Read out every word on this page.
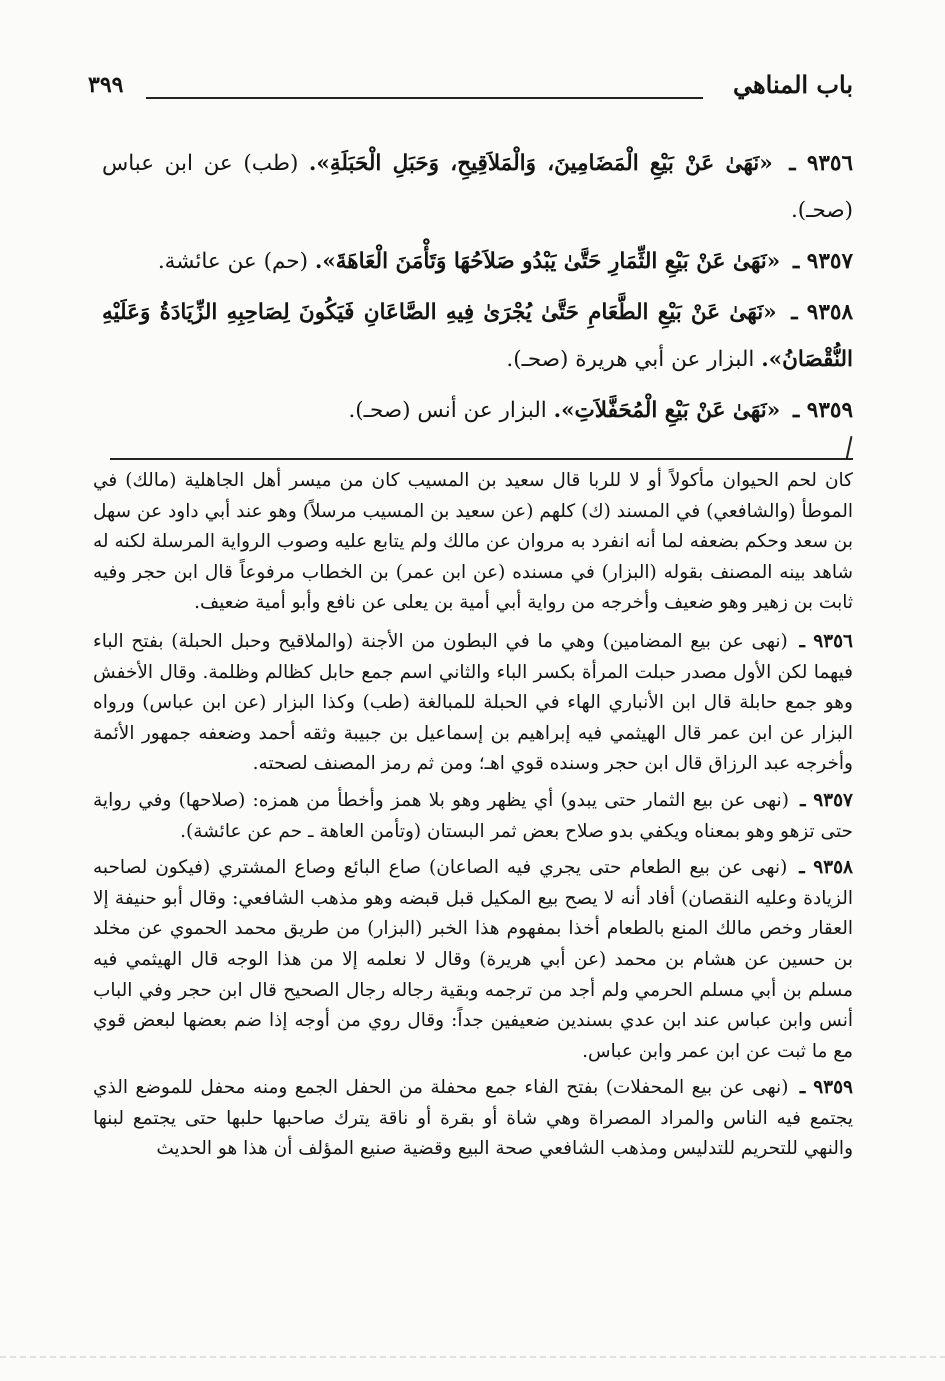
باب المناهي
٣٩٩

٩٣٥٦ ـ «نَهَىٰ عَنْ بَيْعِ الْمَضَامِينَ، وَالْمَلاَقِيحِ، وَحَبَلِ الْحَبَلَةِ». (طب) عن ابن عباس (صحـ).

٩٣٥٧ ـ «نَهَىٰ عَنْ بَيْعِ الثِّمَارِ حَتَّىٰ يَبْدُو صَلاَحُهَا وَتَأْمَنَ الْعَاهَةَ». (حم) عن عائشة.

٩٣٥٨ ـ «نَهَىٰ عَنْ بَيْعِ الطَّعَامِ حَتَّىٰ يُجْرَىٰ فِيهِ الصَّاعَانِ فَيَكُونَ لِصَاحِبِهِ الزِّيَادَةُ وَعَلَيْهِ النُّقْصَانُ». البزار عن أبي هريرة (صحـ).

٩٣٥٩ ـ «نَهَىٰ عَنْ بَيْعِ الْمُحَفَّلاَتِ». البزار عن أنس (صحـ).

كان لحم الحيوان مأكولاً أو لا للربا قال سعيد بن المسيب كان من ميسر أهل الجاهلية (مالك) في الموطأ (والشافعي) في المسند (ك) كلهم (عن سعيد بن المسيب مرسلاً) وهو عند أبي داود عن سهل بن سعد وحكم بضعفه لما أنه انفرد به مروان عن مالك ولم يتابع عليه وصوب الرواية المرسلة لكنه له شاهد بينه المصنف بقوله (البزار) في مسنده (عن ابن عمر) بن الخطاب مرفوعاً قال ابن حجر وفيه ثابت بن زهير وهو ضعيف وأخرجه من رواية أبي أمية بن يعلى عن نافع وأبو أمية ضعيف.

٩٣٥٦ ـ (نهى عن بيع المضامين) وهي ما في البطون من الأجنة (والملاقيح وحبل الحبلة) بفتح الباء فيهما لكن الأول مصدر حبلت المرأة بكسر الباء والثاني اسم جمع حابل كظالم وظلمة. وقال الأخفش وهو جمع حابلة قال ابن الأنباري الهاء في الحبلة للمبالغة (طب) وكذا البزار (عن ابن عباس) ورواه البزار عن ابن عمر قال الهيثمي فيه إبراهيم بن إسماعيل بن جبيبة وثقه أحمد وضعفه جمهور الأئمة وأخرجه عبد الرزاق قال ابن حجر وسنده قوي اهـ؛ ومن ثم رمز المصنف لصحته.

٩٣٥٧ ـ (نهى عن بيع الثمار حتى يبدو) أي يظهر وهو بلا همز وأخطأ من همزه: (صلاحها) وفي رواية حتى تزهو وهو بمعناه ويكفي بدو صلاح بعض ثمر البستان (وتأمن العاهة ـ حم عن عائشة).

٩٣٥٨ ـ (نهى عن بيع الطعام حتى يجري فيه الصاعان) صاع البائع وصاع المشتري (فيكون لصاحبه الزيادة وعليه النقصان) أفاد أنه لا يصح بيع المكيل قبل قبضه وهو مذهب الشافعي: وقال أبو حنيفة إلا العقار وخص مالك المنع بالطعام أخذا بمفهوم هذا الخبر (البزار) من طريق محمد الحموي عن مخلد بن حسين عن هشام بن محمد (عن أبي هريرة) وقال لا نعلمه إلا من هذا الوجه قال الهيثمي فيه مسلم بن أبي مسلم الحرمي ولم أجد من ترجمه وبقية رجاله رجال الصحيح قال ابن حجر وفي الباب أنس وابن عباس عند ابن عدي بسندين ضعيفين جداً: وقال روي من أوجه إذا ضم بعضها لبعض قوي مع ما ثبت عن ابن عمر وابن عباس.

٩٣٥٩ ـ (نهى عن بيع المحفلات) بفتح الفاء جمع محفلة من الحفل الجمع ومنه محفل للموضع الذي يجتمع فيه الناس والمراد المصراة وهي شاة أو بقرة أو ناقة يترك صاحبها حلبها حتى يجتمع لبنها والنهي للتحريم للتدليس ومذهب الشافعي صحة البيع وقضية صنيع المؤلف أن هذا هو الحديث
